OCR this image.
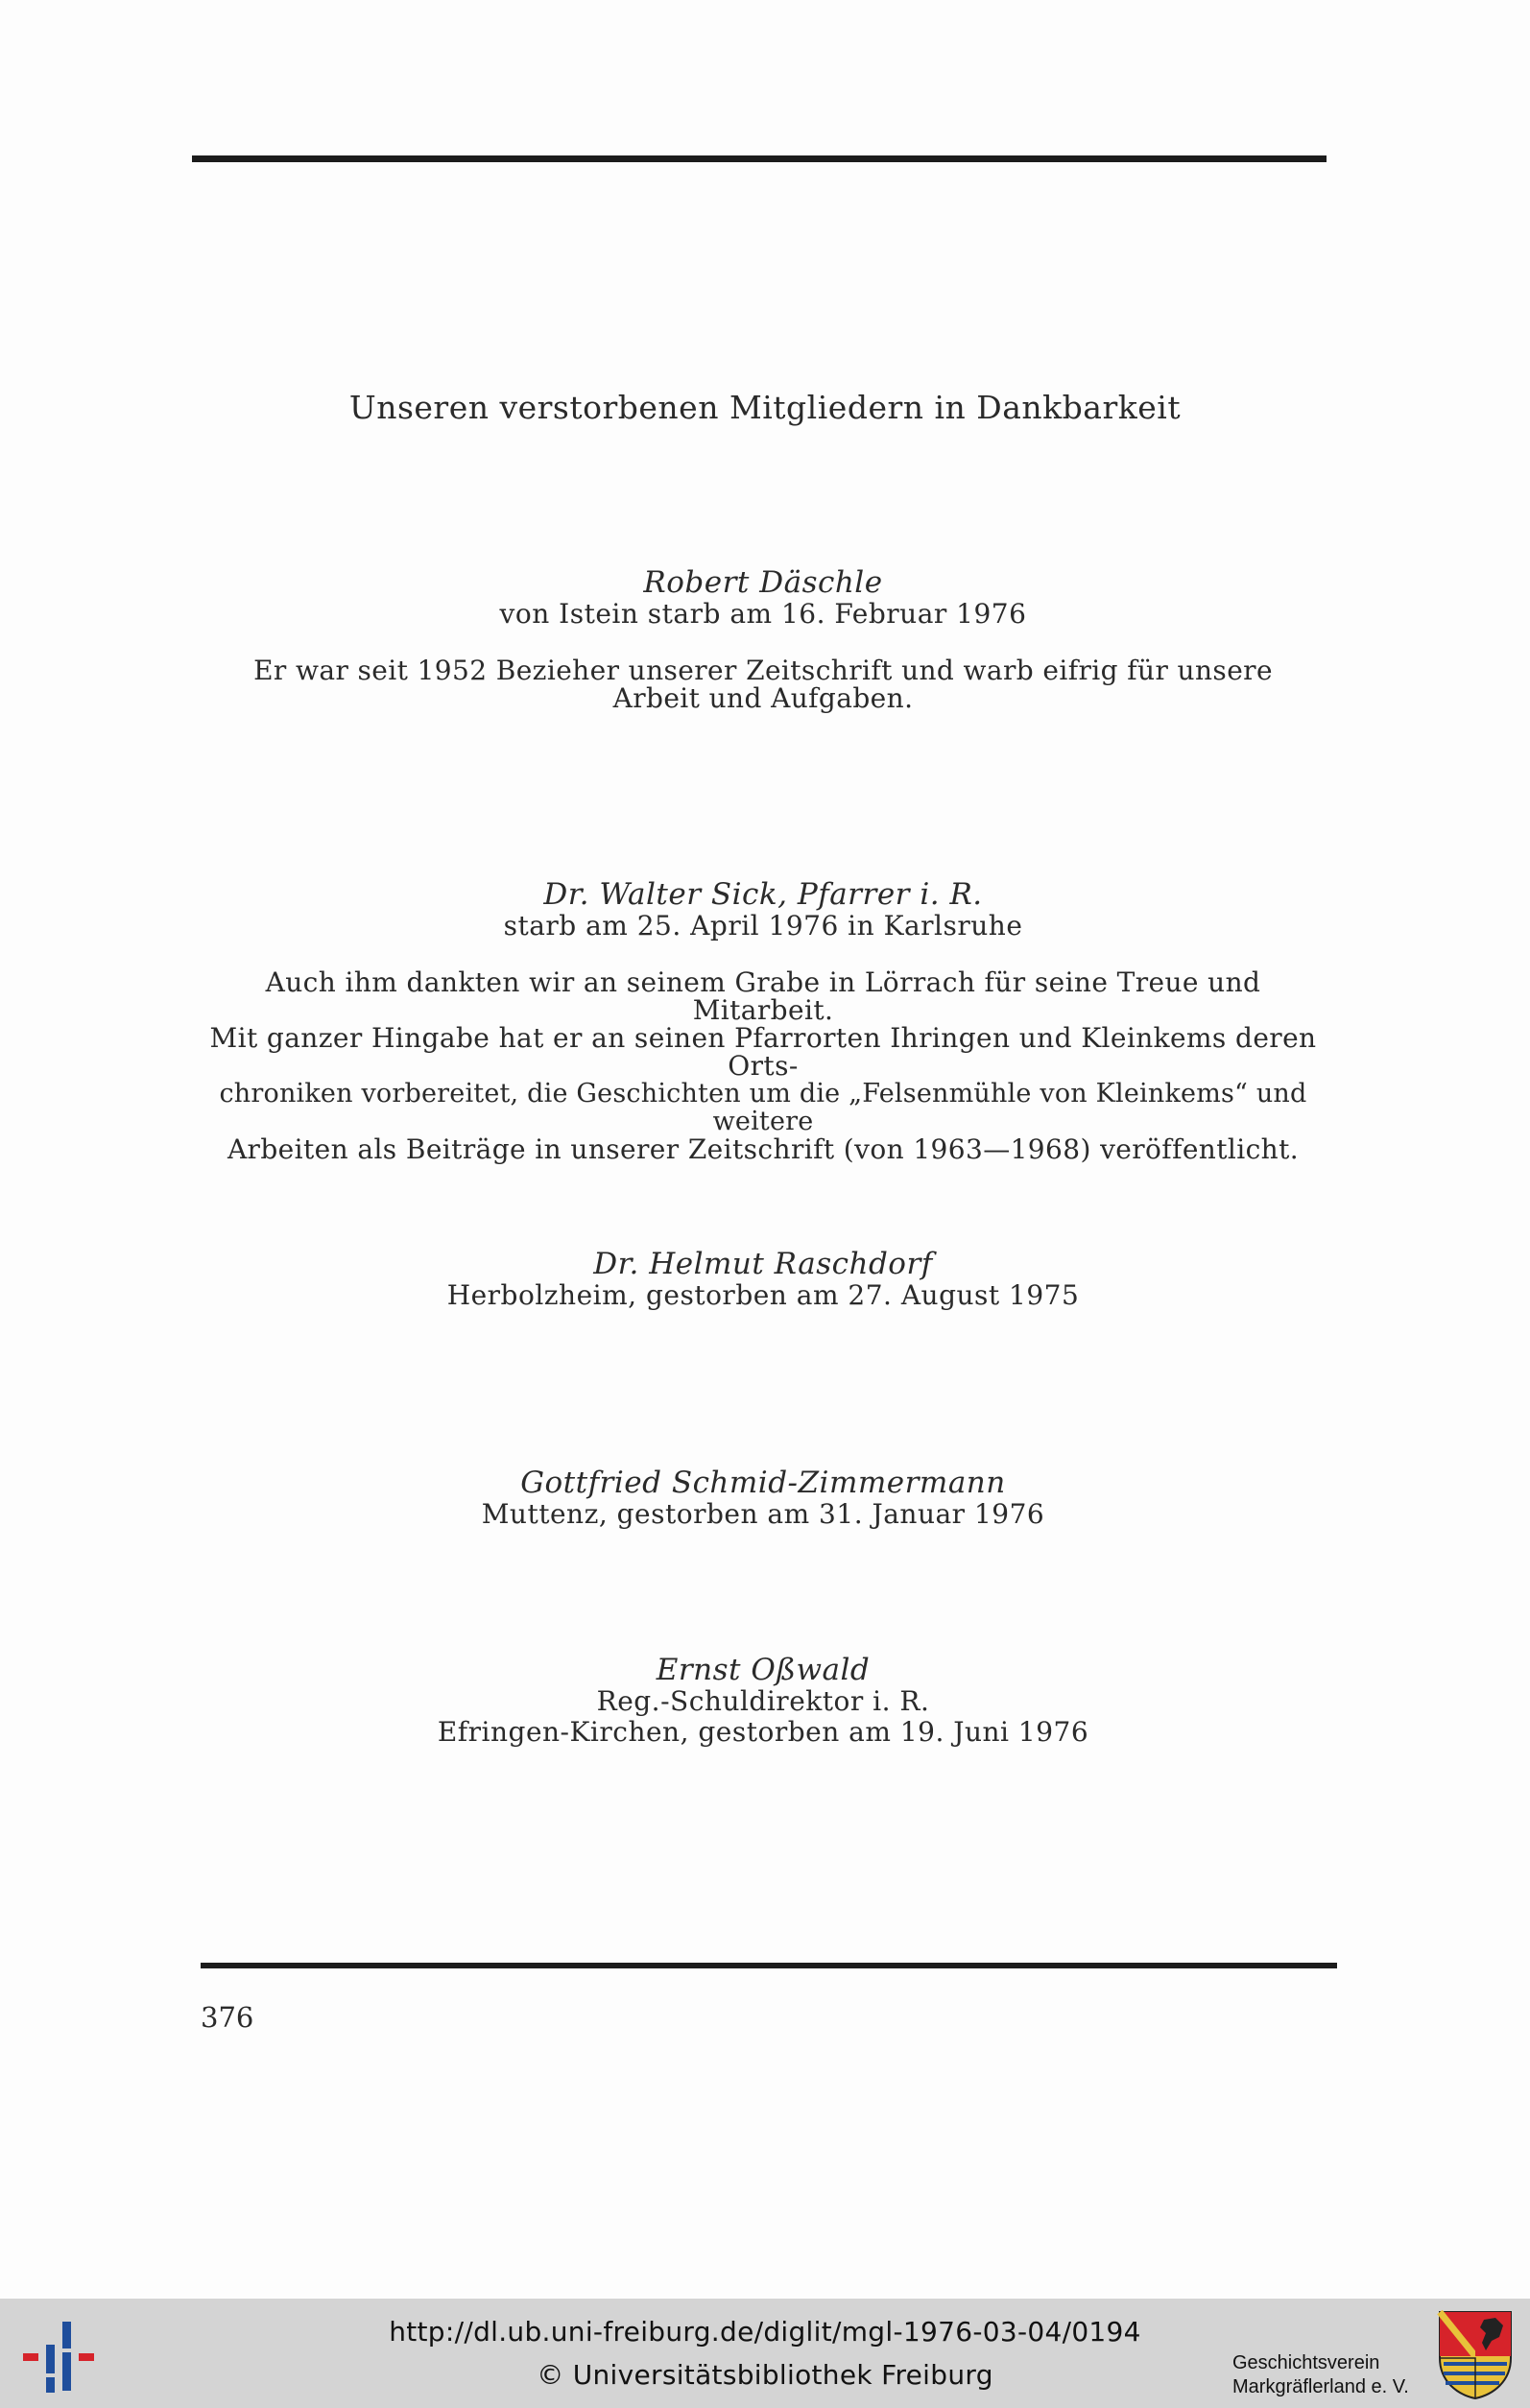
Unseren verstorbenen Mitgliedern in Dankbarkeit
Robert Däschle
von Istein starb am 16. Februar 1976
Er war seit 1952 Bezieher unserer Zeitschrift und warb eifrig für unsere
Arbeit und Aufgaben.
Dr. Walter Sick, Pfarrer i. R.
starb am 25. April 1976 in Karlsruhe
Auch ihm dankten wir an seinem Grabe in Lörrach für seine Treue und Mitarbeit.
Mit ganzer Hingabe hat er an seinen Pfarrorten Ihringen und Kleinkems deren Orts-
chroniken vorbereitet, die Geschichten um die „Felsenmühle von Kleinkems“ und weitere
Arbeiten als Beiträge in unserer Zeitschrift (von 1963—1968) veröffentlicht.
Dr. Helmut Raschdorf
Herbolzheim, gestorben am 27. August 1975
Gottfried Schmid-Zimmermann
Muttenz, gestorben am 31. Januar 1976
Ernst Oßwald
Reg.-Schuldirektor i. R.
Efringen-Kirchen, gestorben am 19. Juni 1976
376
http://dl.ub.uni-freiburg.de/diglit/mgl-1976-03-04/0194
© Universitätsbibliothek Freiburg	Geschichtsverein
Markgräflerland e. V.
